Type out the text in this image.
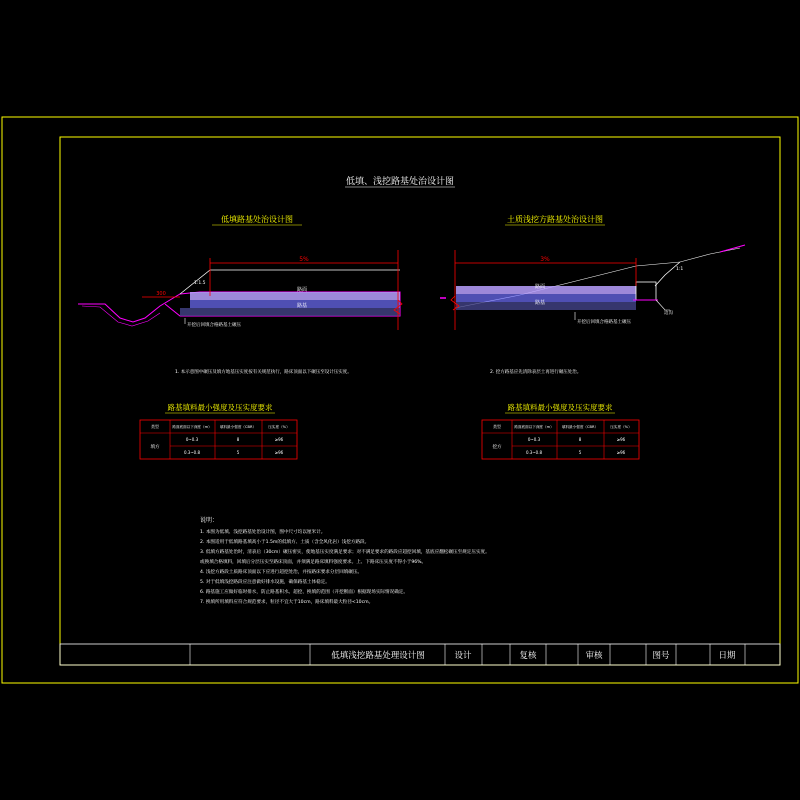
低填、浅挖路基处治设计图
低填路基处治设计图
路面
路基
5%
300
1:1.5
开挖后回填合格路基土碾压
1. 本示意图中碾压及填方地基压实度按有关规范执行，路床顶面以下碾压至设计压实度。
土质浅挖方路基处治设计图
1:1
路面
路基
边沟
3%
开挖后回填合格路基土碾压
2. 挖方路基应先清除表层土再进行碾压处治。
路基填料最小强度及压实度要求
类型	路面底面以下深度（m） 填料最小强度（CBR）	压实度（%）
填方
0~0.3	8	≥96
0.3~0.8	5	≥96
路基填料最小强度及压实度要求
类型	路面底面以下深度（m） 填料最小强度（CBR）	压实度（%）
挖方
0~0.3	8	≥96
0.3~0.8	5	≥96
说明：
1. 本图为低填、浅挖路基处治设计图，图中尺寸均以厘米计。
2. 本图适用于低填路基填高小于1.5m的低填方、土质（含全风化岩）浅挖方路段。
3. 低填方路基处治时，清表后（30cm）碾压密实，使地基压实度满足要求；对不满足要求的路段应超挖回填，基底应翻松碾压至规定压实度。
或换填合格填料，回填后分层压实至路床顶面，并须满足路床填料强度要求。上、下路床压实度不得小于96%。
4. 浅挖方路段土质路床顶面以下应进行超挖处治，并按路床要求分层回填碾压。
5. 对于低填浅挖路段应注意做好排水设施，确保路基土体稳定。
6. 路基施工应做好临时排水，防止路基积水。超挖、换填的范围（开挖断面）根据现场实际情况确定。
7. 换填所用填料应符合规范要求，粒径不宜大于10cm，路床填料最大粒径<10cm。
低填浅挖路基处理设计图	设计	复核	审核	图号	日期
